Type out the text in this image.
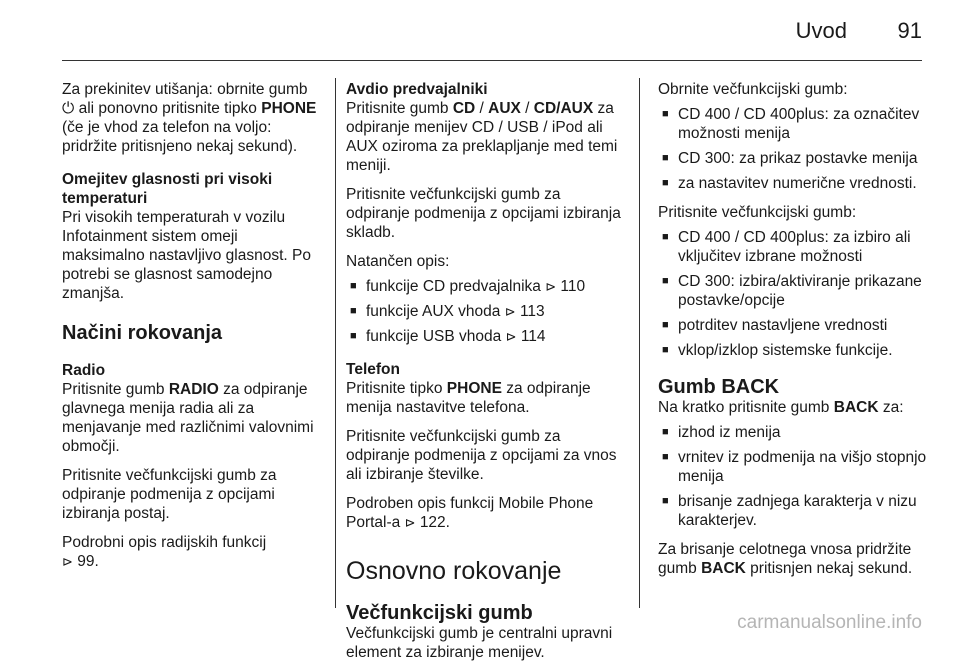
Uvod 91

Za prekinitev utišanja: obrnite gumb ⏻ ali ponovno pritisnite tipko PHONE (če je vhod za telefon na voljo: pridržite pritisnjeno nekaj sekund).

Omejitev glasnosti pri visoki temperaturi
Pri visokih temperaturah v vozilu Infotainment sistem omeji maksimalno nastavljivo glasnost. Po potrebi se glasnost samodejno zmanjša.

Načini rokovanja

Radio
Pritisnite gumb RADIO za odpiranje glavnega menija radia ali za menjavanje med različnimi valovnimi območji.

Pritisnite večfunkcijski gumb za odpiranje podmenija z opcijami izbiranja postaj.

Podrobni opis radijskih funkcij
⊳ 99.

Avdio predvajalniki
Pritisnite gumb CD / AUX / CD/AUX za odpiranje menijev CD / USB / iPod ali AUX oziroma za preklapljanje med temi meniji.

Pritisnite večfunkcijski gumb za odpiranje podmenija z opcijami izbiranja skladb.

Natančen opis:

■ funkcije CD predvajalnika ⊳ 110
■ funkcije AUX vhoda ⊳ 113
■ funkcije USB vhoda ⊳ 114

Telefon
Pritisnite tipko PHONE za odpiranje menija nastavitve telefona.

Pritisnite večfunkcijski gumb za odpiranje podmenija z opcijami za vnos ali izbiranje številke.

Podroben opis funkcij Mobile Phone Portal-a ⊳ 122.

Osnovno rokovanje
Večfunkcijski gumb

Večfunkcijski gumb je centralni upravni element za izbiranje menijev.

Obrnite večfunkcijski gumb:

■ CD 400 / CD 400plus: za označitev možnosti menija
■ CD 300: za prikaz postavke menija
■ za nastavitev numerične vrednosti.

Pritisnite večfunkcijski gumb:

■ CD 400 / CD 400plus: za izbiro ali vključitev izbrane možnosti
■ CD 300: izbira/aktiviranje prikazane postavke/opcije
■ potrditev nastavljene vrednosti
■ vklop/izklop sistemske funkcije.
Gumb BACK

Na kratko pritisnite gumb BACK za:

■ izhod iz menija
■ vrnitev iz podmenija na višjo stopnjo menija
■ brisanje zadnjega karakterja v nizu karakterjev.

Za brisanje celotnega vnosa pridržite gumb BACK pritisnjen nekaj sekund.

carmanualsonline.info
